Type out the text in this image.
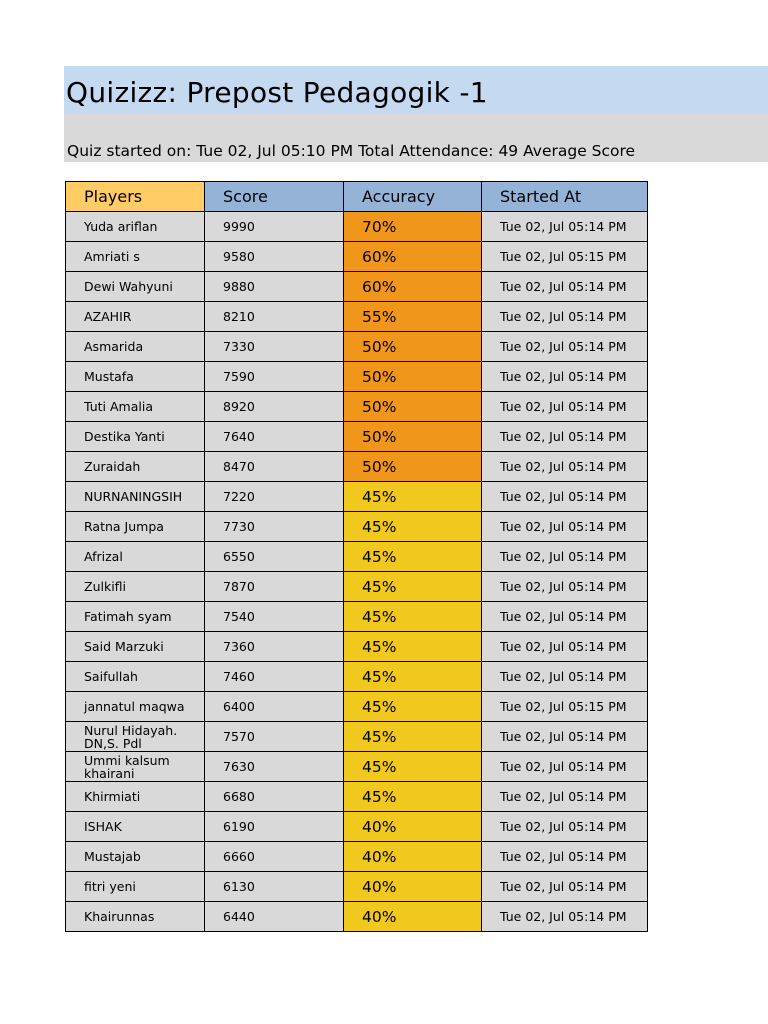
Quizizz: Prepost Pedagogik -1
Quiz started on: Tue 02, Jul 05:10 PM Total Attendance: 49 Average Score
Players	Score	Accuracy	Started At
Yuda ariflan	9990	70%	Tue 02, Jul 05:14 PM
Amriati s	9580	60%	Tue 02, Jul 05:15 PM
Dewi Wahyuni	9880	60%	Tue 02, Jul 05:14 PM
AZAHIR	8210	55%	Tue 02, Jul 05:14 PM
Asmarida	7330	50%	Tue 02, Jul 05:14 PM
Mustafa	7590	50%	Tue 02, Jul 05:14 PM
Tuti Amalia	8920	50%	Tue 02, Jul 05:14 PM
Destika Yanti	7640	50%	Tue 02, Jul 05:14 PM
Zuraidah	8470	50%	Tue 02, Jul 05:14 PM
NURNANINGSIH	7220	45%	Tue 02, Jul 05:14 PM
Ratna Jumpa	7730	45%	Tue 02, Jul 05:14 PM
Afrizal	6550	45%	Tue 02, Jul 05:14 PM
Zulkifli	7870	45%	Tue 02, Jul 05:14 PM
Fatimah syam	7540	45%	Tue 02, Jul 05:14 PM
Said Marzuki	7360	45%	Tue 02, Jul 05:14 PM
Saifullah	7460	45%	Tue 02, Jul 05:14 PM
jannatul maqwa	6400	45%	Tue 02, Jul 05:15 PM
Nurul Hidayah. DN,S. Pdl	7570	45%	Tue 02, Jul 05:14 PM
Ummi kalsum khairani	7630	45%	Tue 02, Jul 05:14 PM
Khirmiati	6680	45%	Tue 02, Jul 05:14 PM
ISHAK	6190	40%	Tue 02, Jul 05:14 PM
Mustajab	6660	40%	Tue 02, Jul 05:14 PM
fitri yeni	6130	40%	Tue 02, Jul 05:14 PM
Khairunnas	6440	40%	Tue 02, Jul 05:14 PM
